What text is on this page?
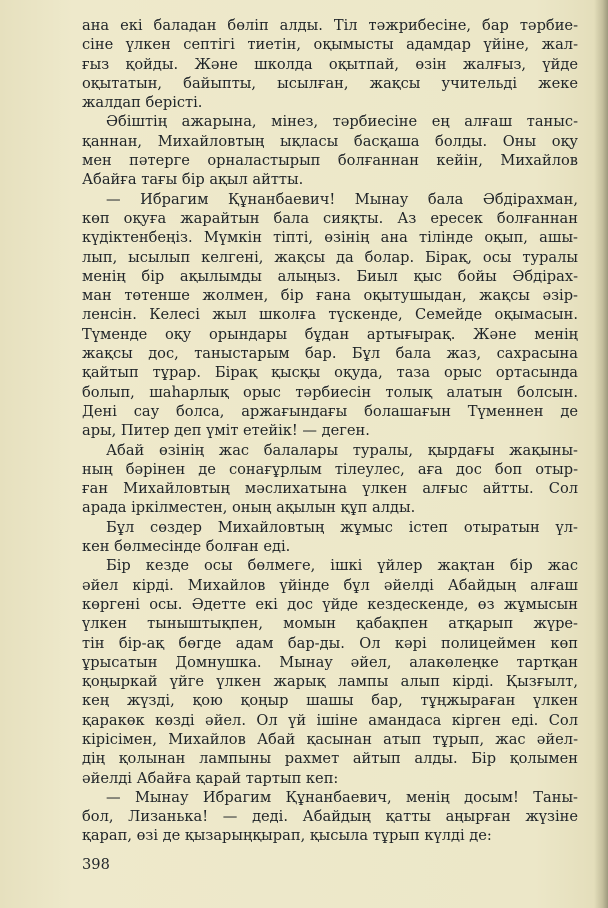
ана екі баладан бөліп алды. Тіл тәжрибесіне, бар тәрбие-
сіне үлкен септігі тиетін, оқымысты адамдар үйіне, жал-
ғыз қойды. Және школда оқытпай, өзін жалғыз, үйде
оқытатын, байыпты, ысылған, жақсы учительді жеке
жалдап берісті.
Әбіштің ажарына, мінез, тәрбиесіне ең алғаш таныс-
қаннан, Михайловтың ықласы басқаша болды. Оны оқу
мен пәтерге орналастырып болғаннан кейін, Михайлов
Абайға тағы бір ақыл айтты.
— Ибрагим Құнанбаевич! Мынау бала Әбдірахман,
көп оқуға жарайтын бала сияқты. Аз ересек болғаннан
күдіктенбеңіз. Мүмкін тіпті, өзінің ана тілінде оқып, ашы-
лып, ысылып келгені, жақсы да болар. Бірақ, осы туралы
менің бір ақылымды алыңыз. Биыл қыс бойы Әбдірах-
ман төтенше жолмен, бір ғана оқытушыдан, жақсы әзір-
ленсін. Келесі жыл школға түскенде, Семейде оқымасын.
Түменде оқу орындары бұдан артығырақ. Және менің
жақсы дос, таныстарым бар. Бұл бала жаз, сахрасына
қайтып тұрар. Бірақ қысқы оқуда, таза орыс ортасында
болып, шаһарлық орыс тәрбиесін толық алатын болсын.
Дені сау болса, аржағындағы болашағын Түменнен де
ары, Питер деп үміт етейік! — деген.
Абай өзінің жас балалары туралы, қырдағы жақыны-
ның бәрінен де сонағұрлым тілеулес, аға дос боп отыр-
ған Михайловтың мәслихатына үлкен алғыс айтты. Сол
арада іркілместен, оның ақылын құп алды.
Бұл сөздер Михайловтың жұмыс істеп отыратын үл-
кен бөлмесінде болған еді.
Бір кезде осы бөлмеге, ішкі үйлер жақтан бір жас
әйел кірді. Михайлов үйінде бұл әйелді Абайдың алғаш
көргені осы. Әдетте екі дос үйде кездескенде, өз жұмысын
үлкен тыныштықпен, момын қабақпен атқарып жүре-
тін бір-ақ бөгде адам бар-ды. Ол кәрі полицеймен көп
ұрысатын Домнушка. Мынау әйел, алакөлеңке тартқан
қоңыркай үйге үлкен жарық лампы алып кірді. Қызғылт,
кең жүзді, қою қоңыр шашы бар, тұңжыраған үлкен
қаракөк көзді әйел. Ол үй ішіне амандаса кірген еді. Сол
кірісімен, Михайлов Абай қасынан атып тұрып, жас әйел-
дің қолынан лампыны рахмет айтып алды. Бір қолымен
әйелді Абайға қарай тартып кеп:
— Мынау Ибрагим Құнанбаевич, менің досым! Таны-
бол, Лизанька! — деді. Абайдың қатты аңырған жүзіне
қарап, өзі де қызарыңқырап, қысыла тұрып күлді де:
398
